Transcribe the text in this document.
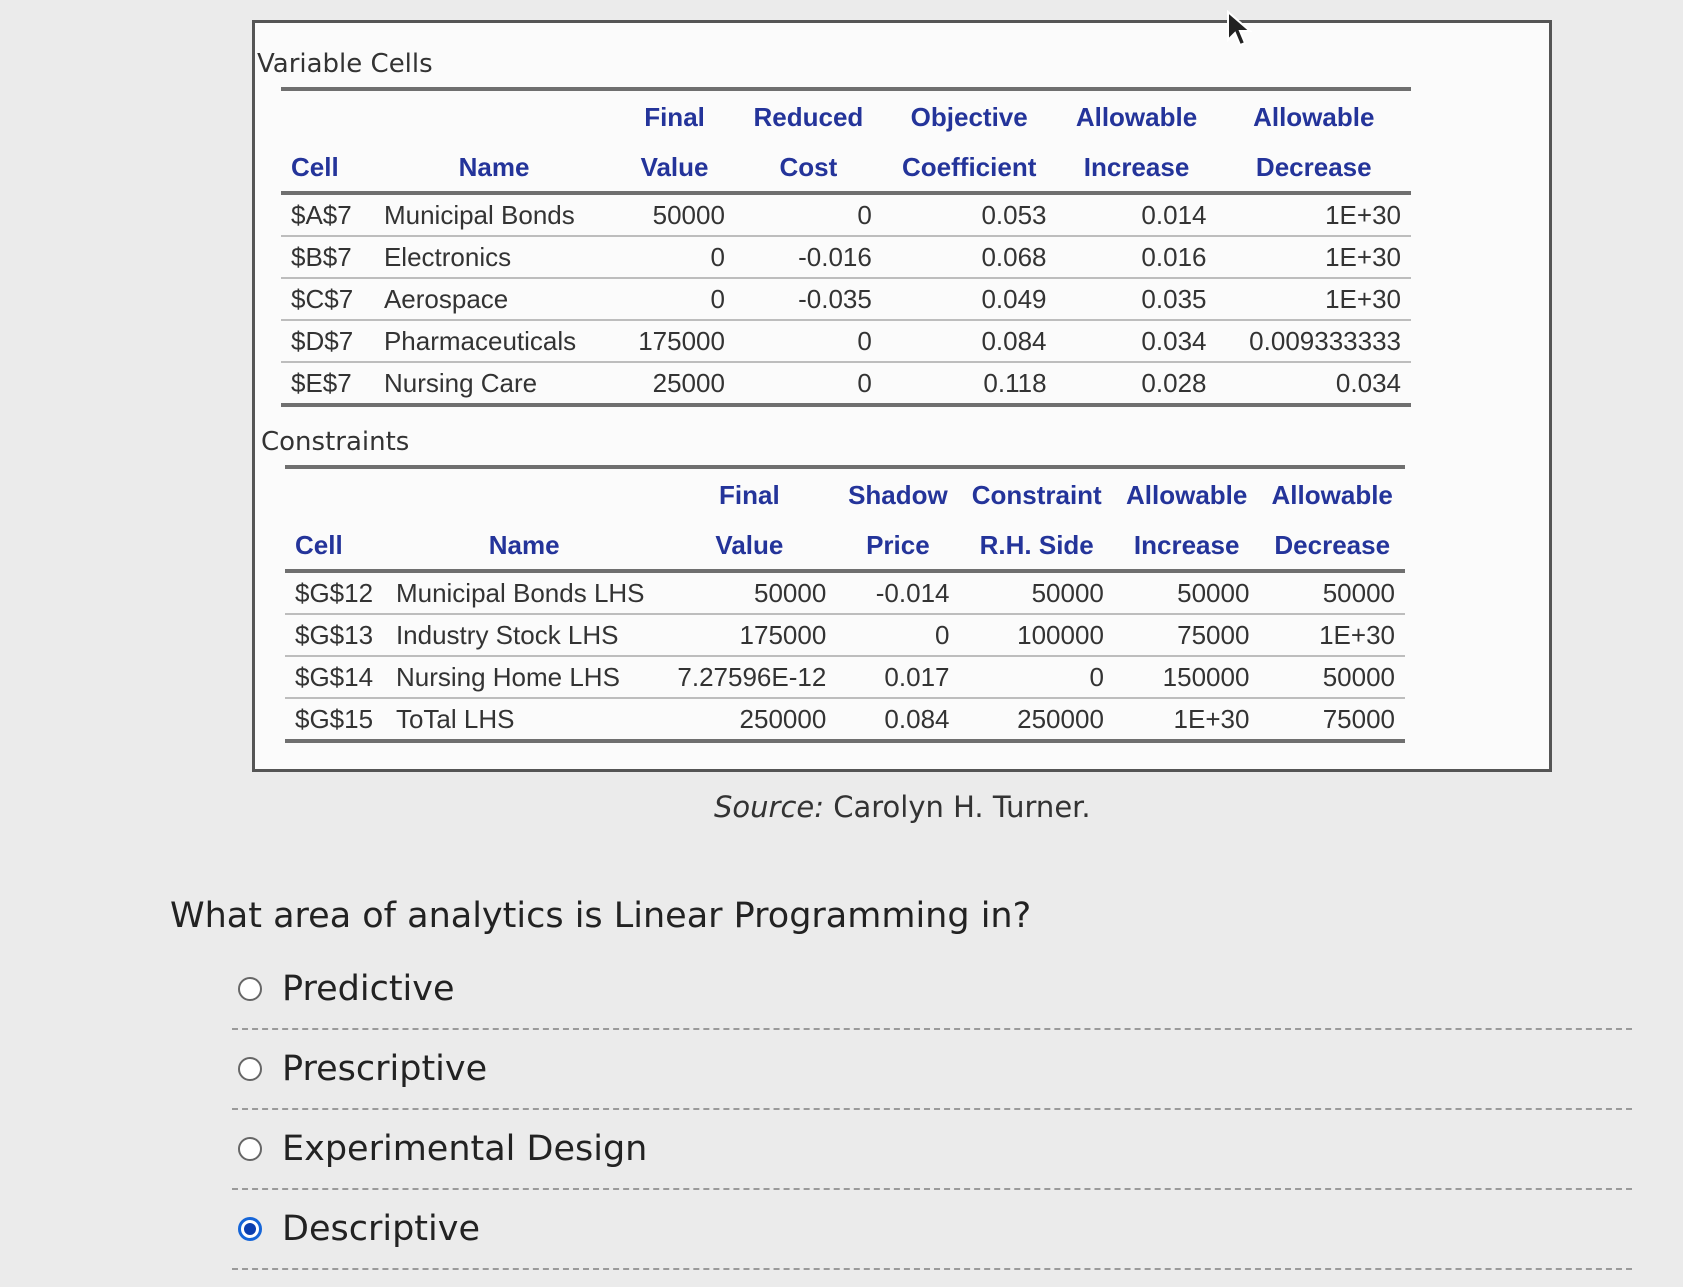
Variable Cells
		Final	Reduced	Objective	Allowable	Allowable
Cell	Name	Value	Cost	Coefficient	Increase	Decrease
$A$7	Municipal Bonds	50000	0	0.053	0.014	1E+30
$B$7	Electronics	0	-0.016	0.068	0.016	1E+30
$C$7	Aerospace	0	-0.035	0.049	0.035	1E+30
$D$7	Pharmaceuticals	175000	0	0.084	0.034	0.009333333
$E$7	Nursing Care	25000	0	0.118	0.028	0.034
Constraints
		Final	Shadow	Constraint	Allowable	Allowable
Cell	Name	Value	Price	R.H. Side	Increase	Decrease
$G$12	Municipal Bonds LHS	50000	-0.014	50000	50000	50000
$G$13	Industry Stock LHS	175000	0	100000	75000	1E+30
$G$14	Nursing Home LHS	7.27596E-12	0.017	0	150000	50000
$G$15	ToTal LHS	250000	0.084	250000	1E+30	75000
Source: Carolyn H. Turner.
What area of analytics is Linear Programming in?
Predictive
Prescriptive
Experimental Design
Descriptive
